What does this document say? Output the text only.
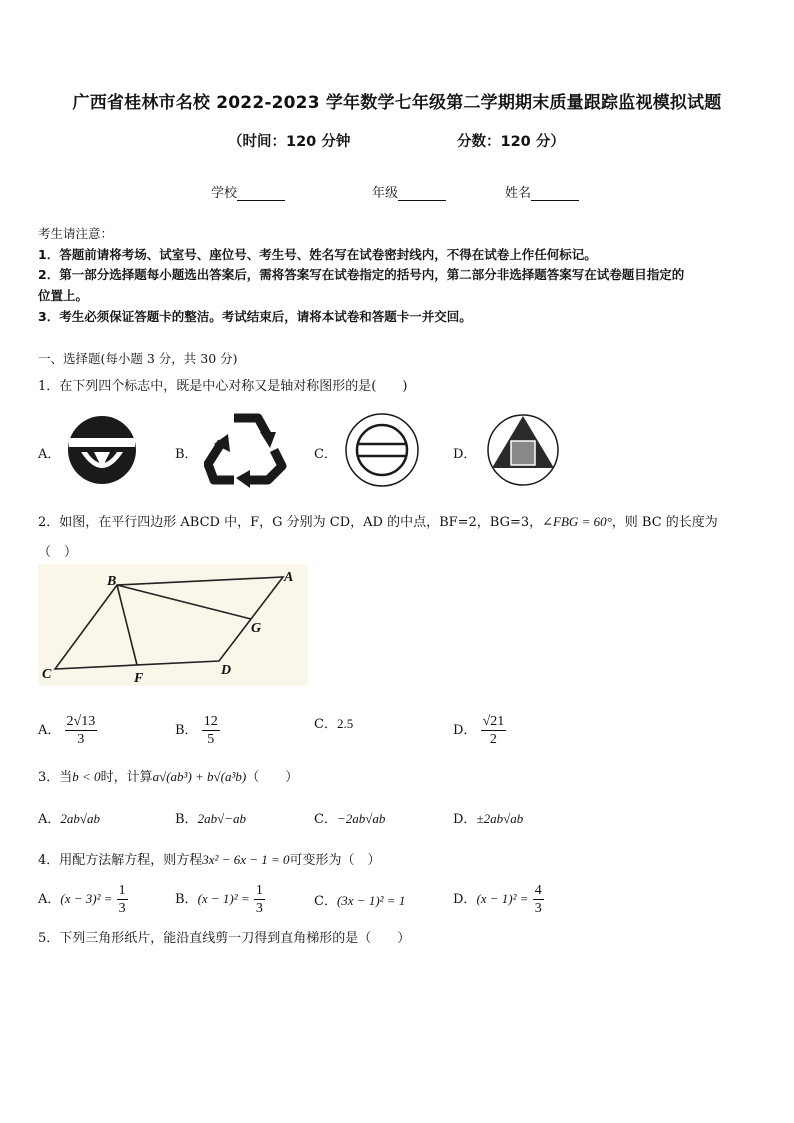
广西省桂林市名校 2022-2023 学年数学七年级第二学期期末质量跟踪监视模拟试题
（时间：120 分钟	分数：120 分）
学校	年级	姓名
考生请注意：
1．答题前请将考场、试室号、座位号、考生号、姓名写在试卷密封线内，不得在试卷上作任何标记。
2．第一部分选择题每小题选出答案后，需将答案写在试卷指定的括号内，第二部分非选择题答案写在试卷题目指定的
位置上。
3．考生必须保证答题卡的整洁。考试结束后，请将本试卷和答题卡一并交回。
一、选择题(每小题 3 分，共 30 分)
1．在下列四个标志中，既是中心对称又是轴对称图形的是(　　)
A．	B．	C．	D．
2．如图，在平行四边形 ABCD 中，F，G 分别为 CD，AD 的中点，BF=2，BG=3，∠FBG = 60°，则 BC 的长度为
（　）
B	A
G
C	F
D
A． $\frac{2√13}{3}$	B． $\frac{12}{5}$	C．2.5	D． $\frac{√21}{2}$
3．当b < 0时，计算a√(ab³) + b√(a³b)（　　）
A．2ab√ab	B．2ab√−ab	C．−2ab√ab	D．±2ab√ab
4．用配方法解方程，则方程3x² − 6x − 1 = 0可变形为（　）
A．$(x - 3)^2 = \frac{1}{3}$	B．$(x - 1)^2 = \frac{1}{3}$	C．(3x − 1)² = 1	D．$(x - 1)^2 = \frac{4}{3}$
5．下列三角形纸片，能沿直线剪一刀得到直角梯形的是（　　）
